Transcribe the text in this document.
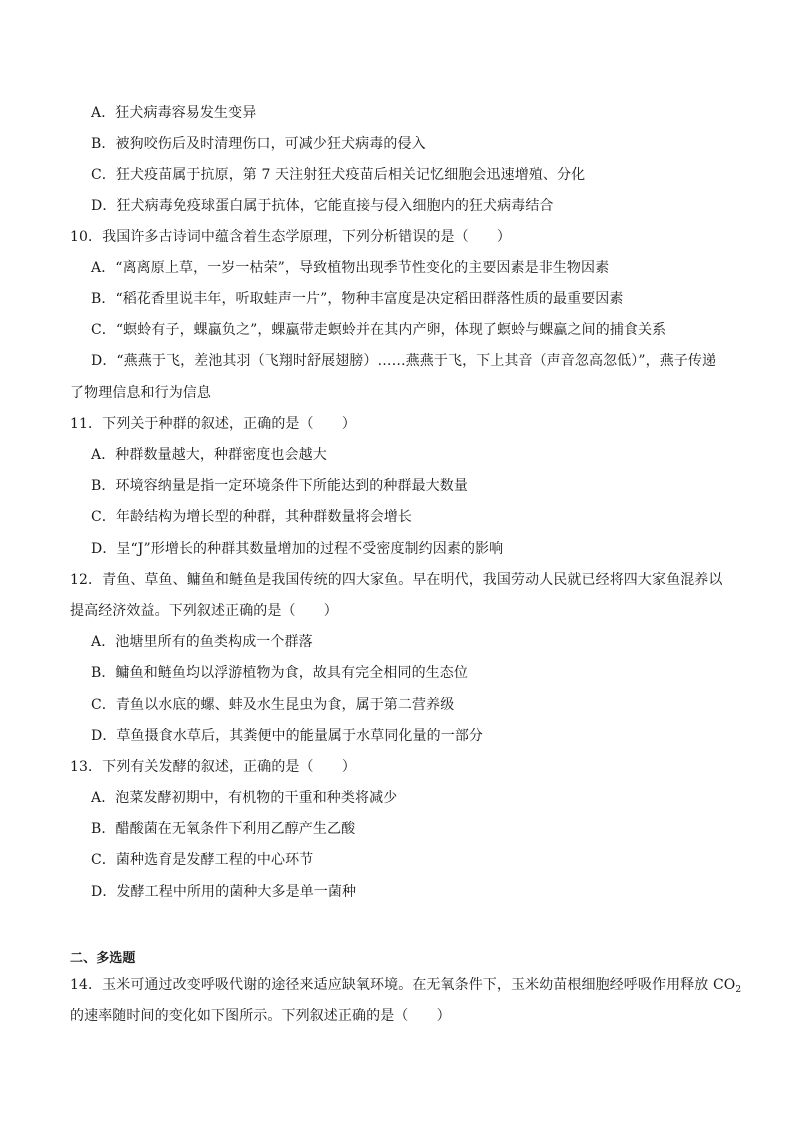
A．狂犬病毒容易发生变异
B．被狗咬伤后及时清理伤口，可减少狂犬病毒的侵入
C．狂犬疫苗属于抗原，第 7 天注射狂犬疫苗后相关记忆细胞会迅速增殖、分化
D．狂犬病毒免疫球蛋白属于抗体，它能直接与侵入细胞内的狂犬病毒结合
10．我国许多古诗词中蕴含着生态学原理，下列分析错误的是（　　）
A．“离离原上草，一岁一枯荣”，导致植物出现季节性变化的主要因素是非生物因素
B．“稻花香里说丰年，听取蛙声一片”，物种丰富度是决定稻田群落性质的最重要因素
C．“螟蛉有子，蜾蠃负之”，蜾蠃带走螟蛉并在其内产卵，体现了螟蛉与蜾蠃之间的捕食关系
D．“燕燕于飞，差池其羽（飞翔时舒展翅膀）……燕燕于飞，下上其音（声音忽高忽低）”，燕子传递
了物理信息和行为信息
11．下列关于种群的叙述，正确的是（　　）
A．种群数量越大，种群密度也会越大
B．环境容纳量是指一定环境条件下所能达到的种群最大数量
C．年龄结构为增长型的种群，其种群数量将会增长
D．呈“J”形增长的种群其数量增加的过程不受密度制约因素的影响
12．青鱼、草鱼、鳙鱼和鲢鱼是我国传统的四大家鱼。早在明代，我国劳动人民就已经将四大家鱼混养以
提高经济效益。下列叙述正确的是（　　）
A．池塘里所有的鱼类构成一个群落
B．鳙鱼和鲢鱼均以浮游植物为食，故具有完全相同的生态位
C．青鱼以水底的螺、蚌及水生昆虫为食，属于第二营养级
D．草鱼摄食水草后，其粪便中的能量属于水草同化量的一部分
13．下列有关发酵的叙述，正确的是（　　）
A．泡菜发酵初期中，有机物的干重和种类将减少
B．醋酸菌在无氧条件下利用乙醇产生乙酸
C．菌种选育是发酵工程的中心环节
D．发酵工程中所用的菌种大多是单一菌种
二、多选题
14．玉米可通过改变呼吸代谢的途径来适应缺氧环境。在无氧条件下，玉米幼苗根细胞经呼吸作用释放 $CO_2$
的速率随时间的变化如下图所示。下列叙述正确的是（　　）
